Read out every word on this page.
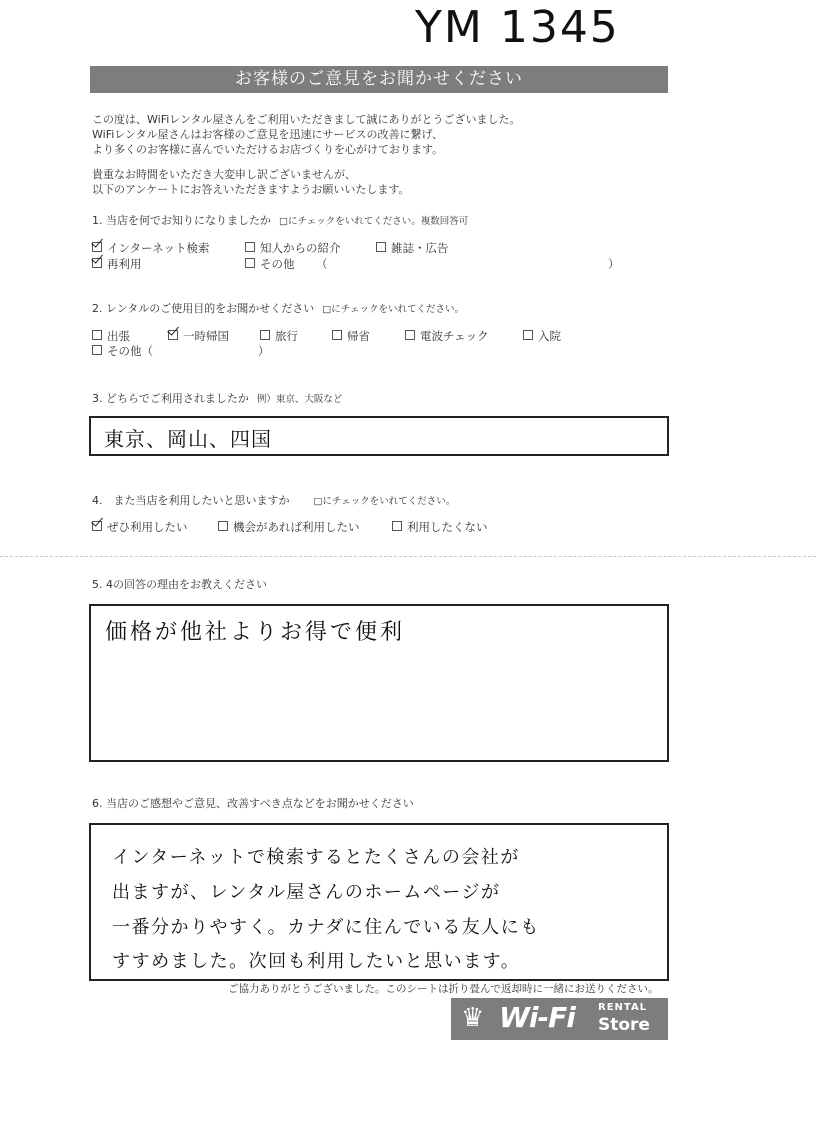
YM 1345
お客様のご意見をお聞かせください
この度は、WiFiレンタル屋さんをご利用いただきまして誠にありがとうございました。
WiFiレンタル屋さんはお客様のご意見を迅速にサービスの改善に繋げ、
より多くのお客様に喜んでいただけるお店づくりを心がけております。
貴重なお時間をいただき大変申し訳ございませんが、
以下のアンケートにお答えいただきますようお願いいたします。
1. 当店を何でお知りになりましたか □にチェックをいれてください。複数回答可
インターネット検索	知人からの紹介	雑誌・広告
再利用	その他 （	）
2. レンタルのご使用目的をお聞かせください □にチェックをいれてください。
出張	一時帰国	旅行	帰省	電波チェック	入院
その他（	）
3. どちらでご利用されましたか 例）東京、大阪など
東京、岡山、四国
4.　また当店を利用したいと思いますか	□にチェックをいれてください。
ぜひ利用したい	機会があれば利用したい	利用したくない
5. 4の回答の理由をお教えください
価格が他社よりお得で便利
6. 当店のご感想やご意見、改善すべき点などをお聞かせください
インターネットで検索するとたくさんの会社が
出ますが、レンタル屋さんのホームページが
一番分かりやすく。カナダに住んでいる友人にも
すすめました。次回も利用したいと思います。
ご協力ありがとうございました。このシートは折り畳んで返却時に一緒にお送りください。
♛ Wi-Fi RENTAL
Store
